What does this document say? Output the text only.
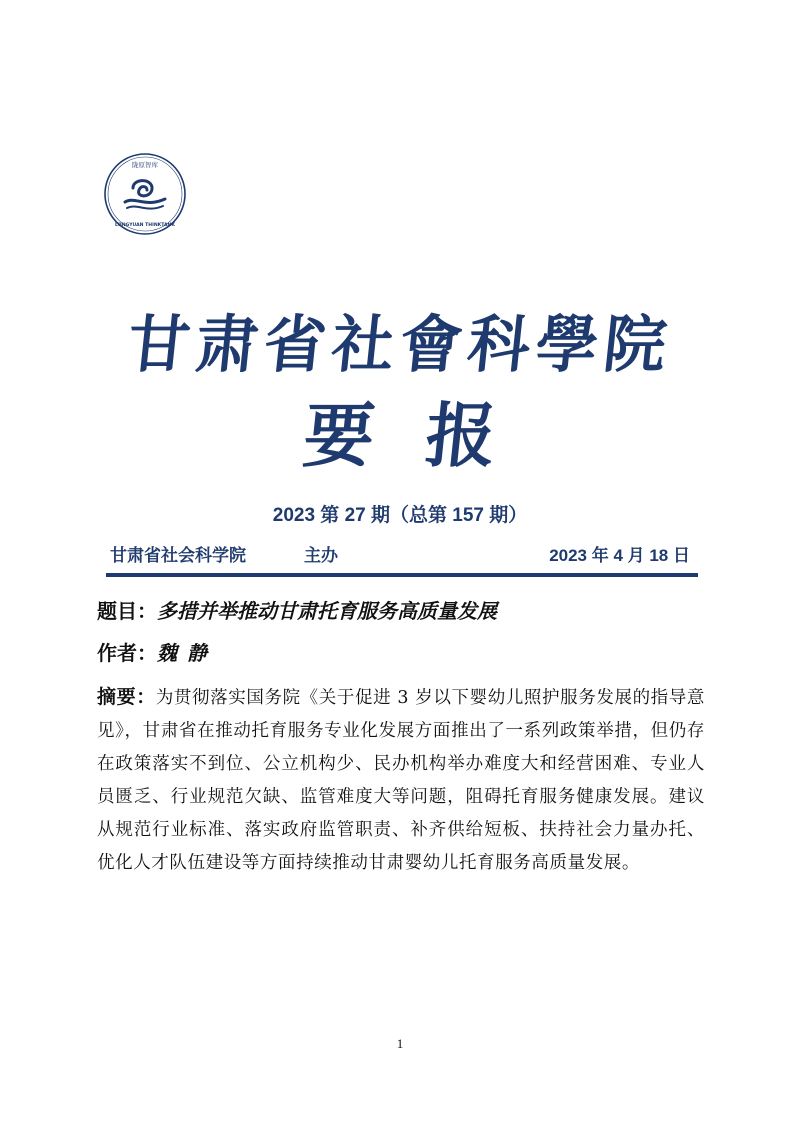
陇原智库
LONGYUAN THINKTANK
甘肃省社會科學院
要报
2023 第 27 期（总第 157 期）
甘肃省社会科学院	主办	2023 年 4 月 18 日
题目：多措并举推动甘肃托育服务高质量发展
作者：魏静
摘要：为贯彻落实国务院《关于促进 3 岁以下婴幼儿照护服务发展的指导意见》，甘肃省在推动托育服务专业化发展方面推出了一系列政策举措，但仍存在政策落实不到位、公立机构少、民办机构举办难度大和经营困难、专业人员匮乏、行业规范欠缺、监管难度大等问题，阻碍托育服务健康发展。建议从规范行业标准、落实政府监管职责、补齐供给短板、扶持社会力量办托、优化人才队伍建设等方面持续推动甘肃婴幼儿托育服务高质量发展。
1
